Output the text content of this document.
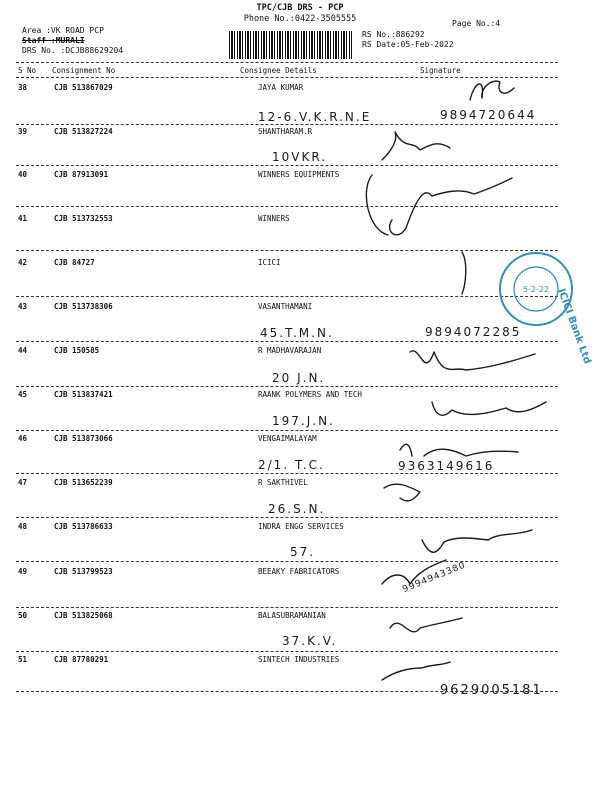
TPC/CJB DRS - PCP
Phone No.:0422-3505555
Area :VK ROAD PCP
Staff :MURALI
DRS No. :DCJB88629204
RS No.:886292
RS Date:05-Feb-2022
Page No.:4
S No Consignment No	Consignee Details	Signature
38	CJB 513867029	JAYA KUMAR
12-6.V.K.R.N.E	9894720644
39	CJB 513827224	SHANTHARAM.R
10VKR.
40	CJB 87913091	WINNERS EQUIPMENTS
41	CJB 513732553	WINNERS
42	CJB 84727	ICICI
43	CJB 513738306	VASANTHAMANI
45.T.M.N.	9894072285
44	CJB 150585	R MADHAVARAJAN
20 J.N.
45	CJB 513837421	RAANK POLYMERS AND TECH
197.J.N.
46	CJB 513873066	VENGAIMALAYAM
2/1. T.C.	9363149616
47	CJB 513652239	R SAKTHIVEL
26.S.N.
48	CJB 513786633	INDRA ENGG SERVICES
57.
49	CJB 513799523	BEEAKY FABRICATORS	9994943380
50	CJB 513825068	BALASUBRAMANIAN
37.K.V.
51	CJB 87780291	SINTECH INDUSTRIES
9629005181
ICICI Bank Ltd
5-2-22
